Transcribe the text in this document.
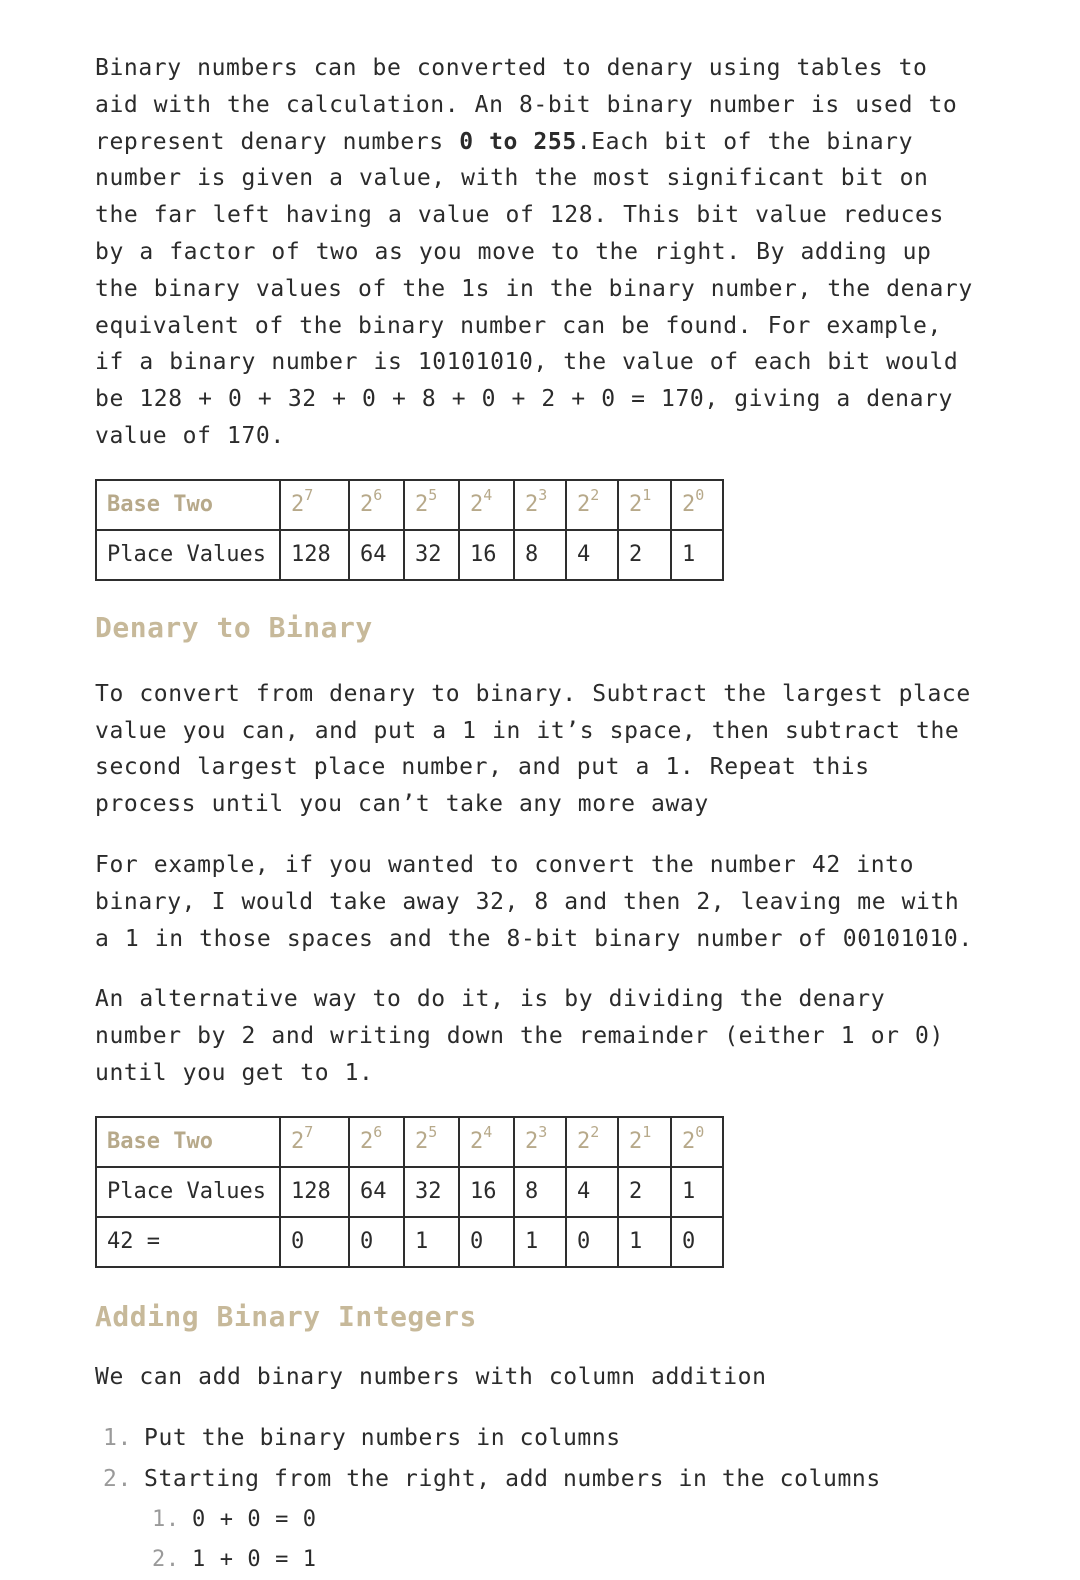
Binary numbers can be converted to denary using tables to aid with the calculation. An 8-bit binary number is used to represent denary numbers 0 to 255.Each bit of the binary number is given a value, with the most significant bit on the far left having a value of 128. This bit value reduces by a factor of two as you move to the right. By adding up the binary values of the 1s in the binary number, the denary equivalent of the binary number can be found. For example, if a binary number is 10101010, the value of each bit would be 128 + 0 + 32 + 0 + 8 + 0 + 2 + 0 = 170, giving a denary value of 170.

Base Two	$2^7$	$2^6$	$2^5$	$2^4$	$2^3$	$2^2$	$2^1$	$2^0$
Place Values	128	64	32	16	8	4	2	1
Denary to Binary

To convert from denary to binary. Subtract the largest place value you can, and put a 1 in it’s space, then subtract the second largest place number, and put a 1. Repeat this process until you can’t take any more away

For example, if you wanted to convert the number 42 into binary, I would take away 32, 8 and then 2, leaving me with a 1 in those spaces and the 8-bit binary number of 00101010.

An alternative way to do it, is by dividing the denary number by 2 and writing down the remainder (either 1 or 0) until you get to 1.

Base Two	$2^7$	$2^6$	$2^5$	$2^4$	$2^3$	$2^2$	$2^1$	$2^0$
Place Values	128	64	32	16	8	4	2	1
42 =	0	0	1	0	1	0	1	0
Adding Binary Integers

We can add binary numbers with column addition

1. Put the binary numbers in columns
2. Starting from the right, add numbers in the columns
1. 0 + 0 = 0
2. 1 + 0 = 1
